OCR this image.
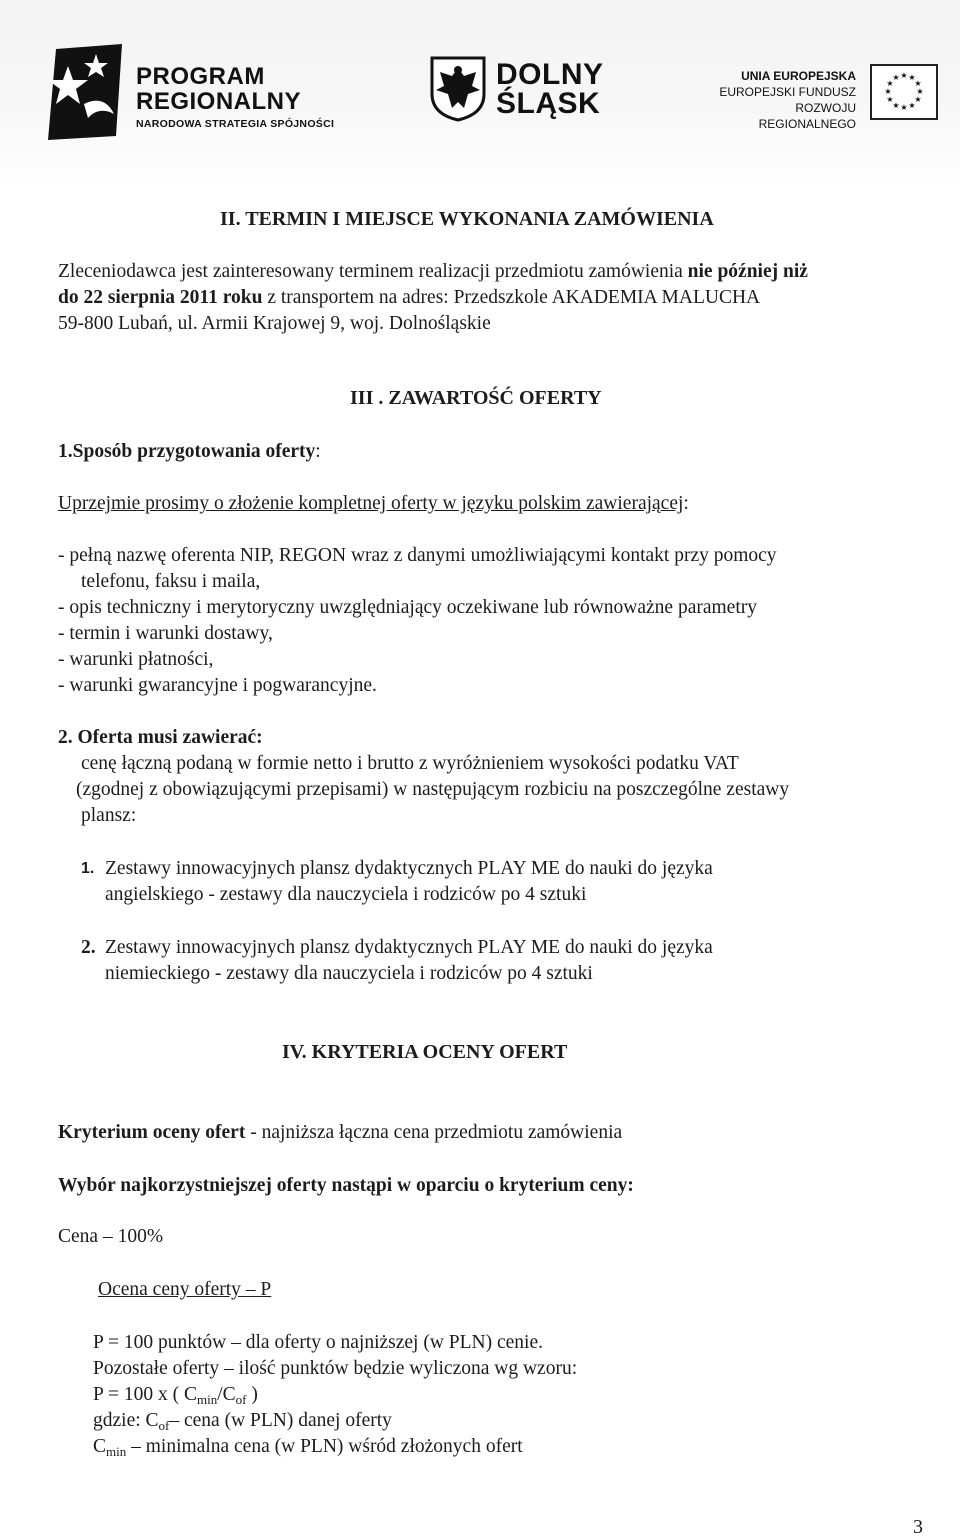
PROGRAM
REGIONALNY
NARODOWA STRATEGIA SPÓJNOŚCI
DOLNY
ŚLĄSK
UNIA EUROPEJSKA
EUROPEJSKI FUNDUSZ
ROZWOJU REGIONALNEGO
★ ★
★
★
★
★
★
★
★
★
★
★
II. TERMIN I MIEJSCE WYKONANIA ZAMÓWIENIA
Zleceniodawca jest zainteresowany terminem realizacji przedmiotu zamówienia nie później niż
do 22 sierpnia 2011 roku z transportem na adres: Przedszkole AKADEMIA MALUCHA
59-800 Lubań, ul. Armii Krajowej 9, woj. Dolnośląskie
III . ZAWARTOŚĆ OFERTY
1.Sposób przygotowania oferty:
Uprzejmie prosimy o złożenie kompletnej oferty w języku polskim zawierającej:
- pełną nazwę oferenta NIP, REGON wraz z danymi umożliwiającymi kontakt przy pomocy
telefonu, faksu i maila,
- opis techniczny i merytoryczny uwzględniający oczekiwane lub równoważne parametry
- termin i warunki dostawy,
- warunki płatności,
- warunki gwarancyjne i pogwarancyjne.
2. Oferta musi zawierać:
cenę łączną podaną w formie netto i brutto z wyróżnieniem wysokości podatku VAT
(zgodnej z obowiązującymi przepisami) w następującym rozbiciu na poszczególne zestawy
plansz:
1. Zestawy innowacyjnych plansz dydaktycznych PLAY ME do nauki do języka
angielskiego - zestawy dla nauczyciela i rodziców po 4 sztuki
2. Zestawy innowacyjnych plansz dydaktycznych PLAY ME do nauki do języka
niemieckiego - zestawy dla nauczyciela i rodziców po 4 sztuki
IV. KRYTERIA OCENY OFERT
Kryterium oceny ofert - najniższa łączna cena przedmiotu zamówienia
Wybór najkorzystniejszej oferty nastąpi w oparciu o kryterium ceny:
Cena – 100%
Ocena ceny oferty – P
P = 100 punktów – dla oferty o najniższej (w PLN) cenie.
Pozostałe oferty – ilość punktów będzie wyliczona wg wzoru:
P = 100 x ( $C_{min}/C_{of}$ )
gdzie: $C_{of}-$ cena (w PLN) danej oferty
$C_{min}$ – minimalna cena (w PLN) wśród złożonych ofert
3
